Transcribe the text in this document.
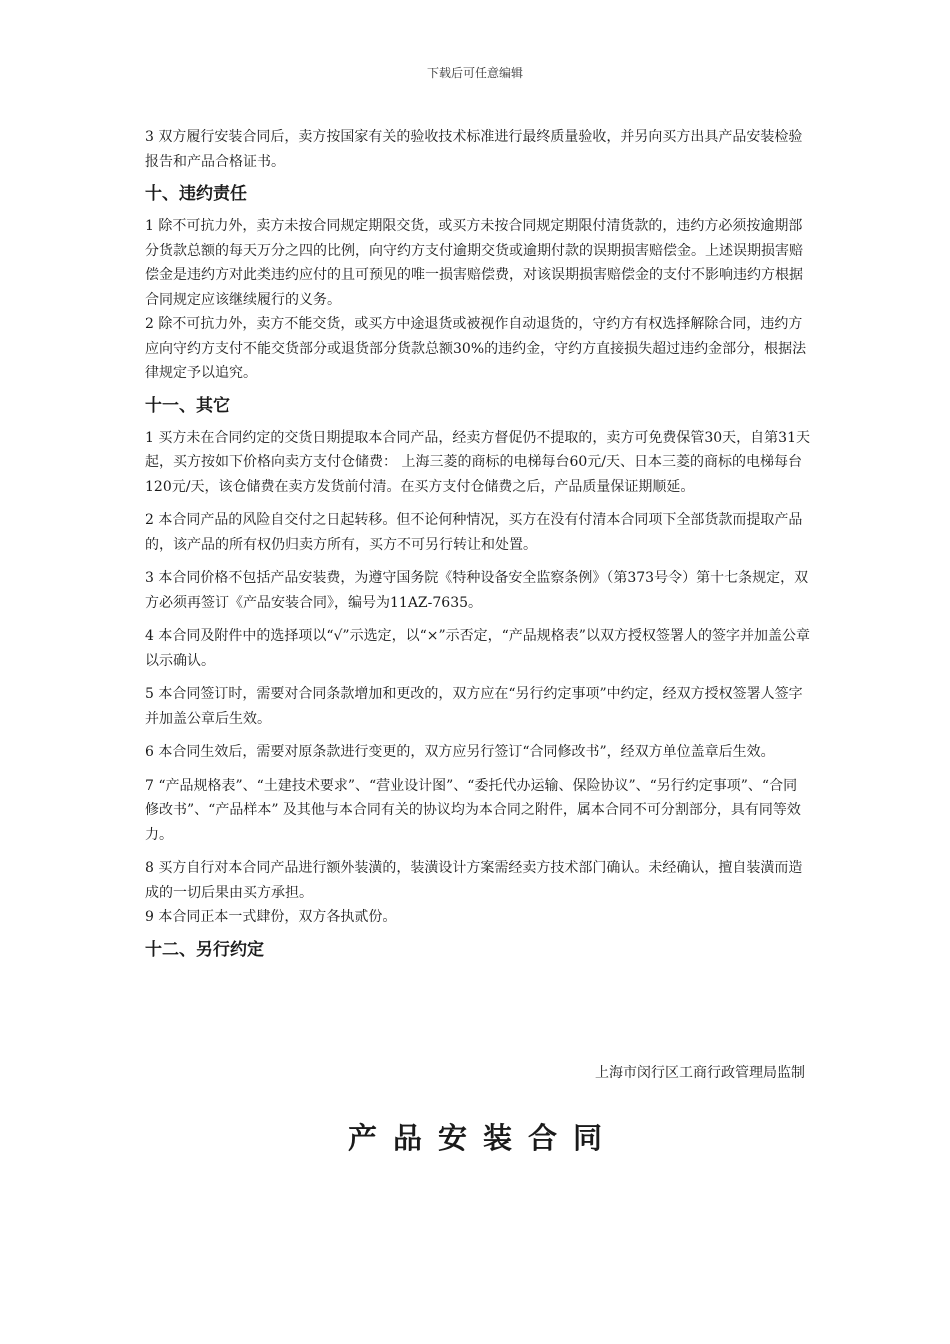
下载后可任意编辑

3 双方履行安装合同后，卖方按国家有关的验收技术标准进行最终质量验收，并另向买方出具产品安装检验报告和产品合格证书。

十、违约责任

1 除不可抗力外，卖方未按合同规定期限交货，或买方未按合同规定期限付清货款的，违约方必须按逾期部分货款总额的每天万分之四的比例，向守约方支付逾期交货或逾期付款的误期损害赔偿金。上述误期损害赔偿金是违约方对此类违约应付的且可预见的唯一损害赔偿费，对该误期损害赔偿金的支付不影响违约方根据合同规定应该继续履行的义务。

2 除不可抗力外，卖方不能交货，或买方中途退货或被视作自动退货的，守约方有权选择解除合同，违约方应向守约方支付不能交货部分或退货部分货款总额30%的违约金，守约方直接损失超过违约金部分，根据法律规定予以追究。

十一、其它

1 买方未在合同约定的交货日期提取本合同产品，经卖方督促仍不提取的，卖方可免费保管30天，自第31天起，买方按如下价格向卖方支付仓储费： 上海三菱的商标的电梯每台60元/天、日本三菱的商标的电梯每台120元/天，该仓储费在卖方发货前付清。在买方支付仓储费之后，产品质量保证期顺延。

2 本合同产品的风险自交付之日起转移。但不论何种情况，买方在没有付清本合同项下全部货款而提取产品的，该产品的所有权仍归卖方所有，买方不可另行转让和处置。

3 本合同价格不包括产品安装费，为遵守国务院《特种设备安全监察条例》（第373号令）第十七条规定，双方必须再签订《产品安装合同》，编号为11AZ-7635。

4 本合同及附件中的选择项以“√”示选定，以“×”示否定，“产品规格表”以双方授权签署人的签字并加盖公章以示确认。

5 本合同签订时，需要对合同条款增加和更改的，双方应在“另行约定事项”中约定，经双方授权签署人签字并加盖公章后生效。

6 本合同生效后，需要对原条款进行变更的，双方应另行签订“合同修改书”，经双方单位盖章后生效。

7 “产品规格表”、“土建技术要求”、“营业设计图”、“委托代办运输、保险协议”、“另行约定事项”、“合同修改书”、“产品样本” 及其他与本合同有关的协议均为本合同之附件，属本合同不可分割部分，具有同等效力。

8 买方自行对本合同产品进行额外装潢的，装潢设计方案需经卖方技术部门确认。未经确认，擅自装潢而造成的一切后果由买方承担。

9 本合同正本一式肆份，双方各执贰份。

十二、另行约定

上海市闵行区工商行政管理局监制
产品安装合同
